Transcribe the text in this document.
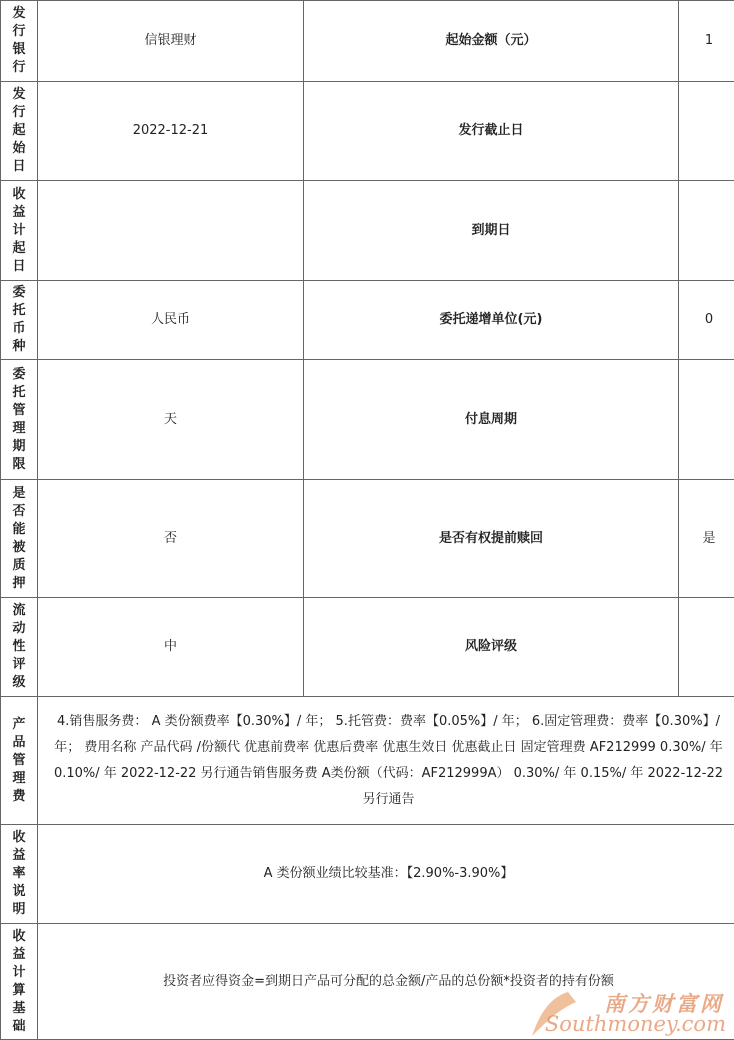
发行银行	信银理财	起始金额（元）	1
发行起始日	2022-12-21	发行截止日	
收益计起日		到期日	
委托币种	人民币	委托递增单位(元)	0
委托管理期限	天	付息周期	
是否能被质押	否	是否有权提前赎回	是
流动性评级	中	风险评级	
产品管理费	4.销售服务费： A 类份额费率【0.30%】/ 年； 5.托管费：费率【0.05%】/ 年； 6.固定管理费：费率【0.30%】/ 年； 费用名称 产品代码 /份额代 优惠前费率 优惠后费率 优惠生效日 优惠截止日 固定管理费 AF212999 0.30%/ 年 0.10%/ 年 2022-12-22 另行通告销售服务费 A类份额（代码：AF212999A） 0.30%/ 年 0.15%/ 年 2022-12-22 另行通告		
收益率说明	A 类份额业绩比较基准：【2.90%-3.90%】		
收益计算基础	投资者应得资金=到期日产品可分配的总金额/产品的总份额*投资者的持有份额		
南方财富网
Southmoney.com
